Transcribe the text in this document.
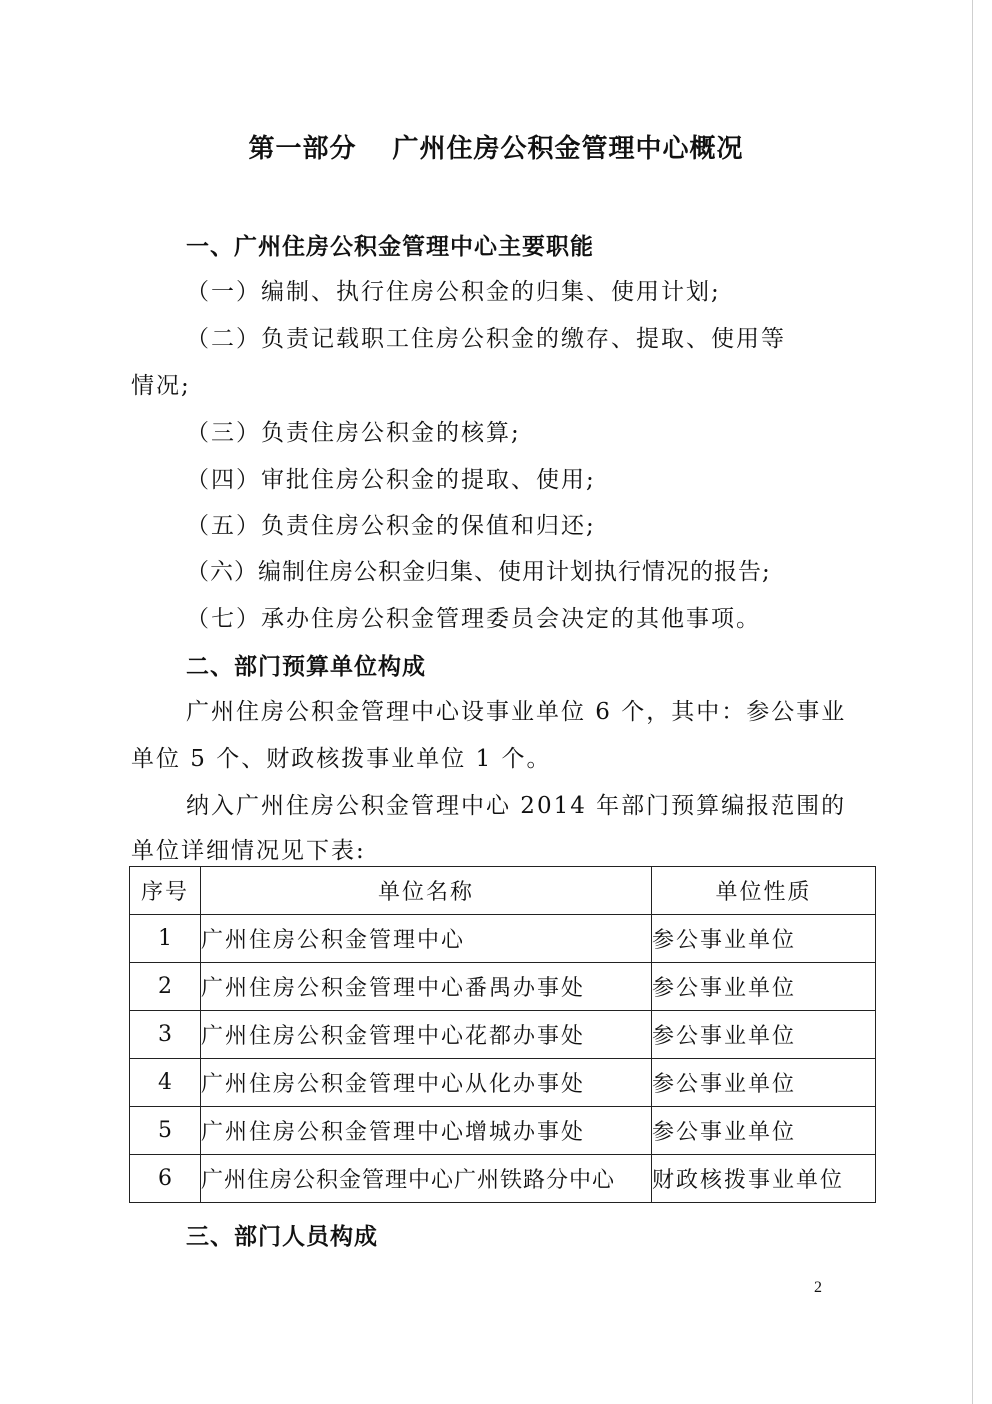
第一部分 广州住房公积金管理中心概况
一、广州住房公积金管理中心主要职能
（一）编制、执行住房公积金的归集、使用计划;
（二）负责记载职工住房公积金的缴存、提取、使用等
情况;
（三）负责住房公积金的核算;
（四）审批住房公积金的提取、使用;
（五）负责住房公积金的保值和归还;
（六）编制住房公积金归集、使用计划执行情况的报告;
（七）承办住房公积金管理委员会决定的其他事项。
二、部门预算单位构成
广州住房公积金管理中心设事业单位 6 个，其中：参公事业
单位 5 个、财政核拨事业单位 1 个。
纳入广州住房公积金管理中心 2014 年部门预算编报范围的
单位详细情况见下表:
序号	单位名称	单位性质
1	广州住房公积金管理中心	参公事业单位
2	广州住房公积金管理中心番禺办事处	参公事业单位
3	广州住房公积金管理中心花都办事处	参公事业单位
4	广州住房公积金管理中心从化办事处	参公事业单位
5	广州住房公积金管理中心增城办事处	参公事业单位
6	广州住房公积金管理中心广州铁路分中心	财政核拨事业单位
三、部门人员构成
2
